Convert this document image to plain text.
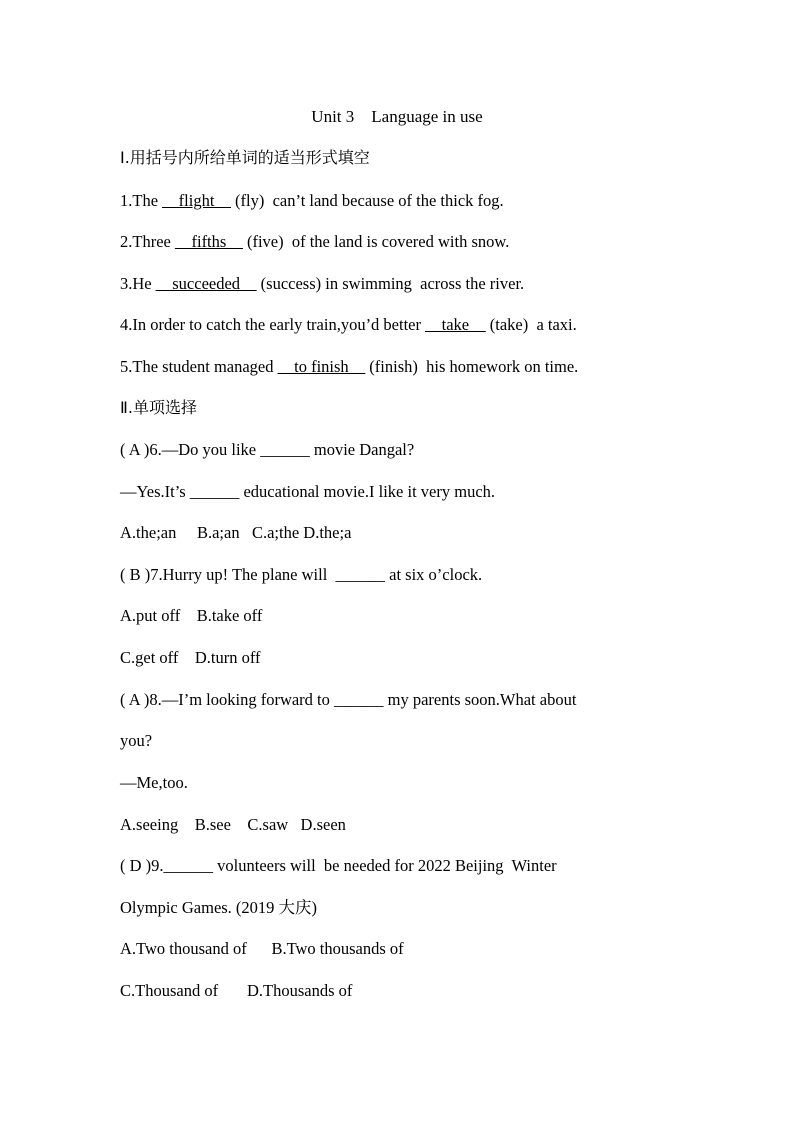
Unit 3　Language in use
Ⅰ.用括号内所给单词的适当形式填空
1.The __flight__ (fly)  can’t land because of the thick fog.
2.Three __fifths__ (five)  of the land is covered with snow.
3.He __succeeded__ (success) in swimming  across the river.
4.In order to catch the early train,you’d better __take__ (take)  a taxi.
5.The student managed __to finish__ (finish)  his homework on time.
Ⅱ.单项选择
( A )6.—Do you like ______ movie Dangal?
—Yes.It’s ______ educational movie.I like it very much.
A.the;an     B.a;an   C.a;the D.the;a
( B )7.Hurry up! The plane will  ______ at six o’clock.
A.put off    B.take off
C.get off    D.turn off
( A )8.—I’m looking forward to ______ my parents soon.What about
you?
—Me,too.
A.seeing    B.see    C.saw   D.seen
( D )9.______ volunteers will  be needed for 2022 Beijing  Winter
Olympic Games. (2019 大庆)
A.Two thousand of      B.Two thousands of
C.Thousand of       D.Thousands of
